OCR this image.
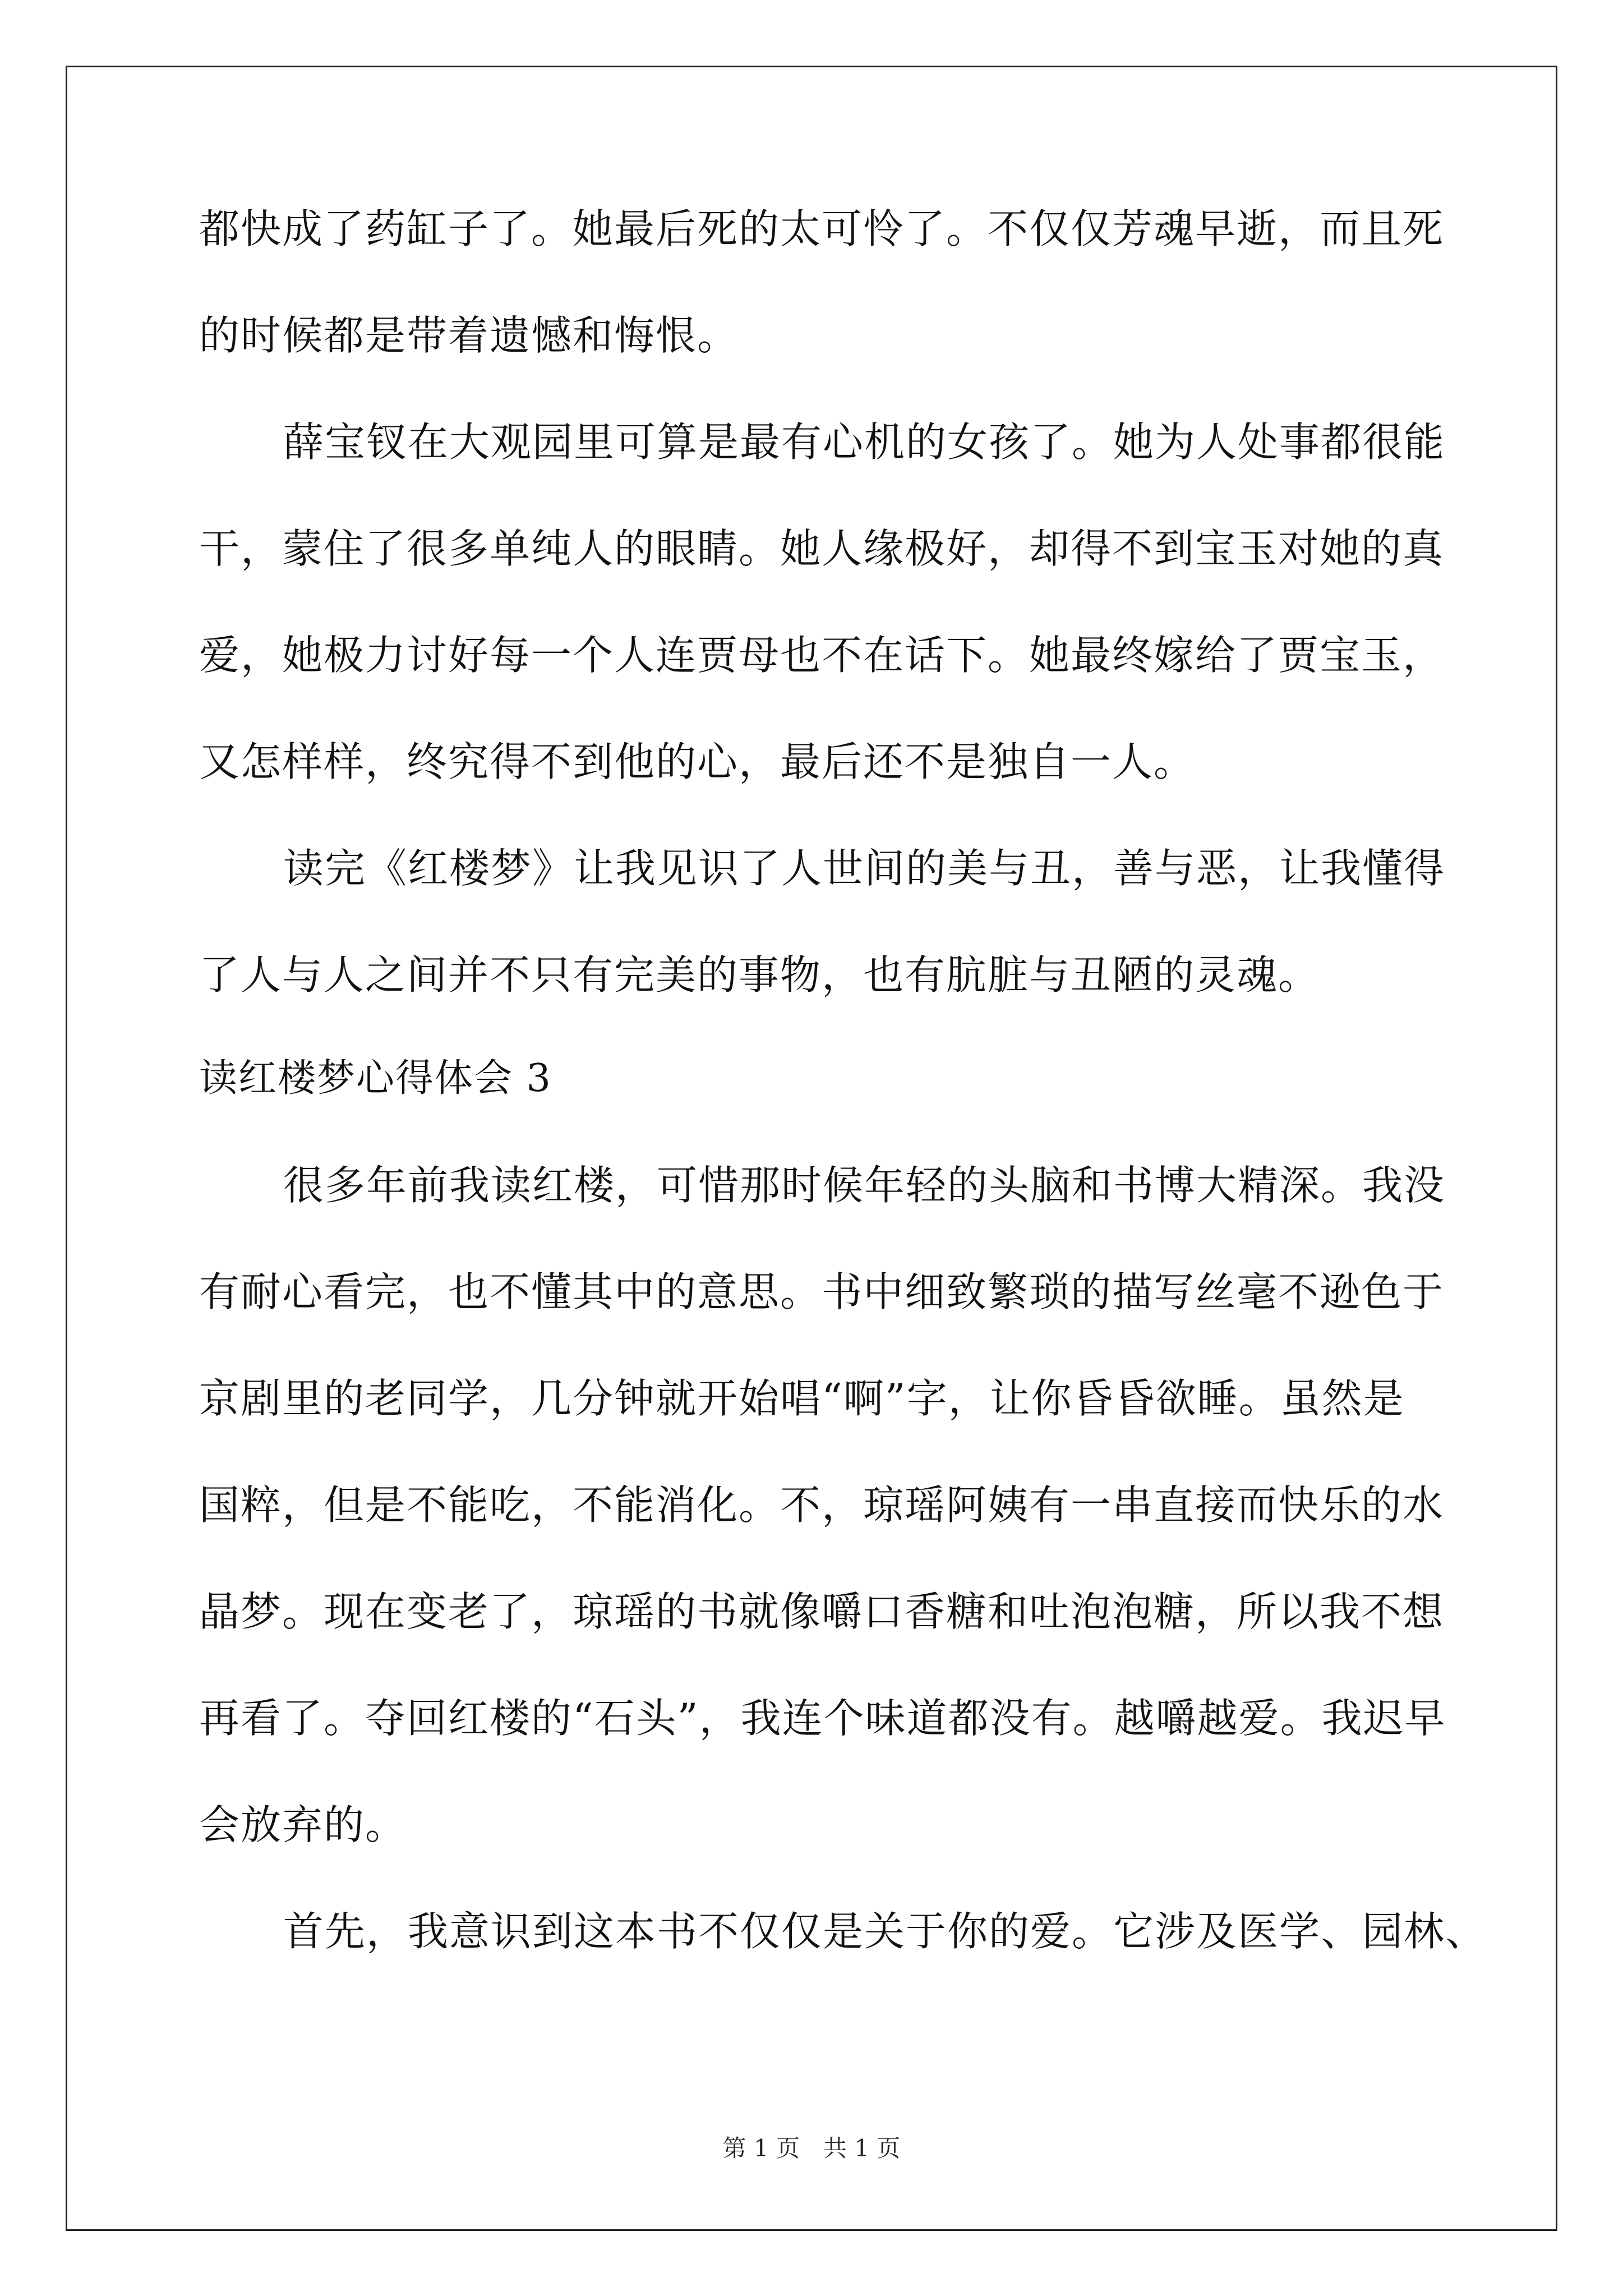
都快成了药缸子了。她最后死的太可怜了。不仅仅芳魂早逝，而且死
的时候都是带着遗憾和悔恨。
薛宝钗在大观园里可算是最有心机的女孩了。她为人处事都很能
干，蒙住了很多单纯人的眼睛。她人缘极好，却得不到宝玉对她的真
爱，她极力讨好每一个人连贾母也不在话下。她最终嫁给了贾宝玉，
又怎样样，终究得不到他的心，最后还不是独自一人。
读完《红楼梦》让我见识了人世间的美与丑，善与恶，让我懂得
了人与人之间并不只有完美的事物，也有肮脏与丑陋的灵魂。
读红楼梦心得体会 3
很多年前我读红楼，可惜那时候年轻的头脑和书博大精深。我没
有耐心看完，也不懂其中的意思。书中细致繁琐的描写丝毫不逊色于
京剧里的老同学，几分钟就开始唱“啊”字，让你昏昏欲睡。虽然是
国粹，但是不能吃，不能消化。不，琼瑶阿姨有一串直接而快乐的水
晶梦。现在变老了，琼瑶的书就像嚼口香糖和吐泡泡糖，所以我不想
再看了。夺回红楼的“石头”，我连个味道都没有。越嚼越爱。我迟早
会放弃的。
首先，我意识到这本书不仅仅是关于你的爱。它涉及医学、园林、
第 1 页　共 1 页
